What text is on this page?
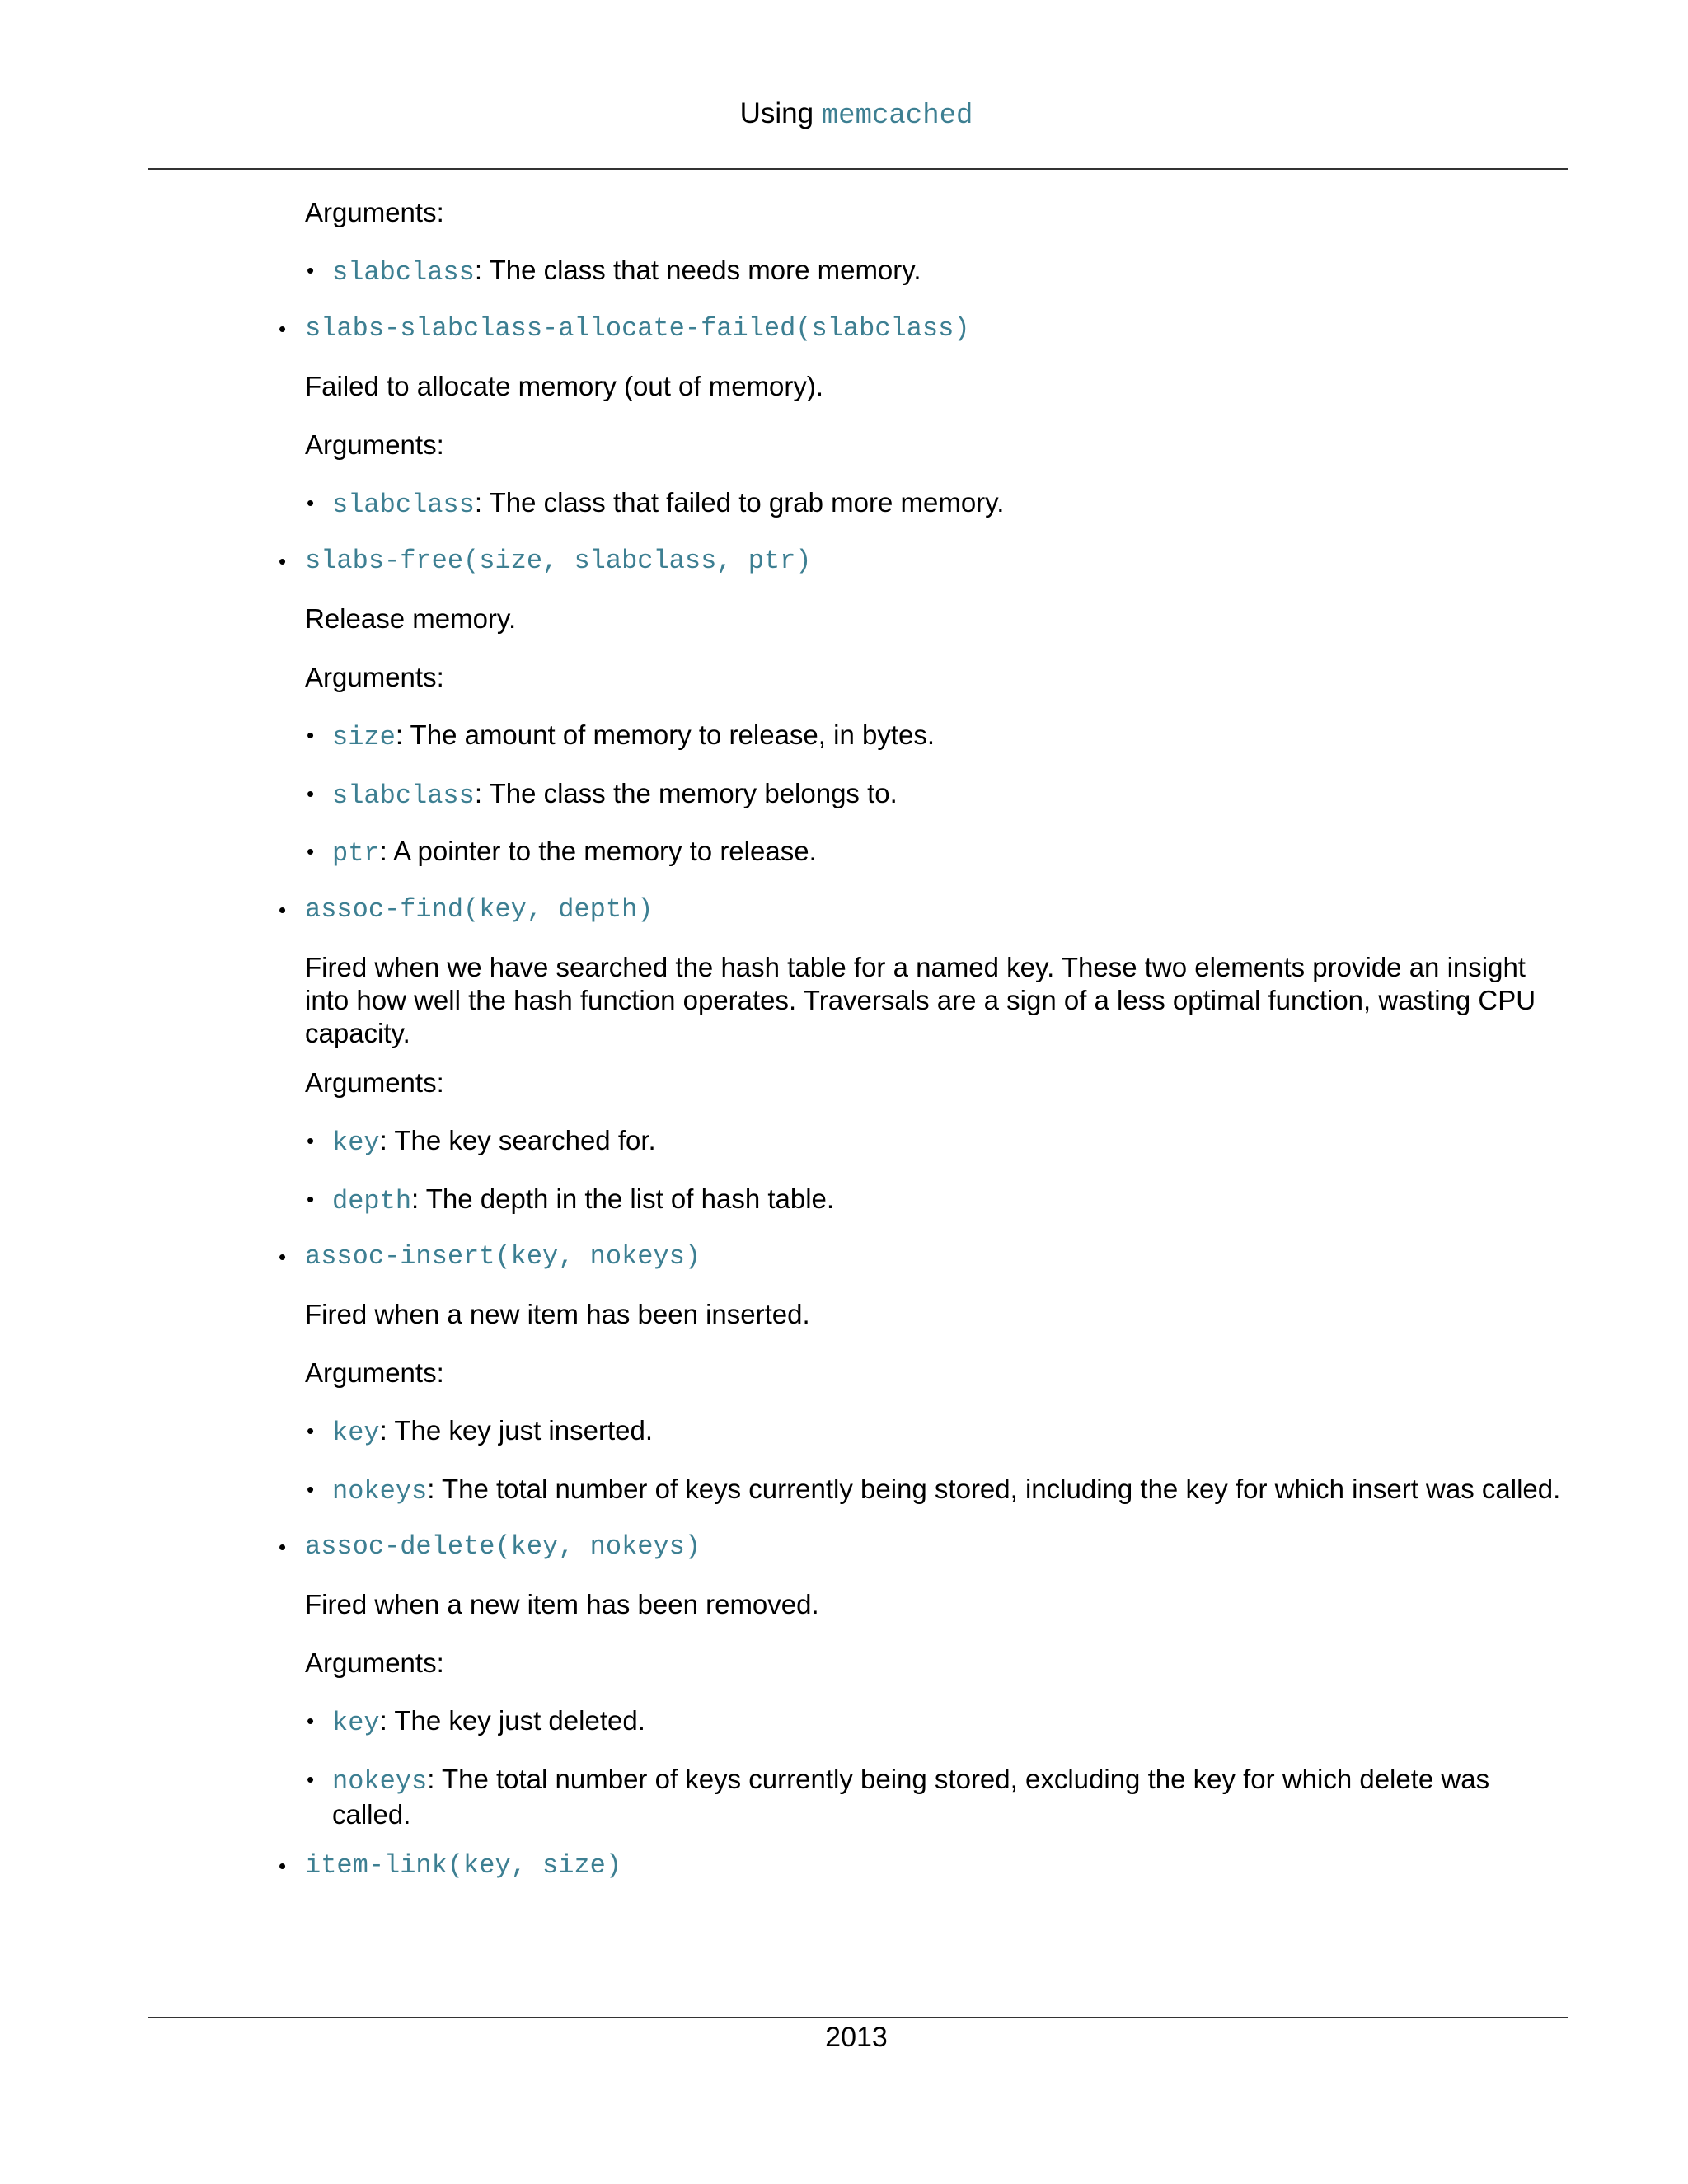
Using memcached
Arguments:
• slabclass: The class that needs more memory.
• slabs-slabclass-allocate-failed(slabclass)
Failed to allocate memory (out of memory).
Arguments:
• slabclass: The class that failed to grab more memory.
• slabs-free(size, slabclass, ptr)
Release memory.
Arguments:
• size: The amount of memory to release, in bytes.
• slabclass: The class the memory belongs to.
• ptr: A pointer to the memory to release.
• assoc-find(key, depth)
Fired when we have searched the hash table for a named key. These two elements provide an insight into how well the hash function operates. Traversals are a sign of a less optimal function, wasting CPU capacity.
Arguments:
• key: The key searched for.
• depth: The depth in the list of hash table.
• assoc-insert(key, nokeys)
Fired when a new item has been inserted.
Arguments:
• key: The key just inserted.
• nokeys: The total number of keys currently being stored, including the key for which insert was called.
• assoc-delete(key, nokeys)
Fired when a new item has been removed.
Arguments:
• key: The key just deleted.
• nokeys: The total number of keys currently being stored, excluding the key for which delete was called.
• item-link(key, size)
2013
